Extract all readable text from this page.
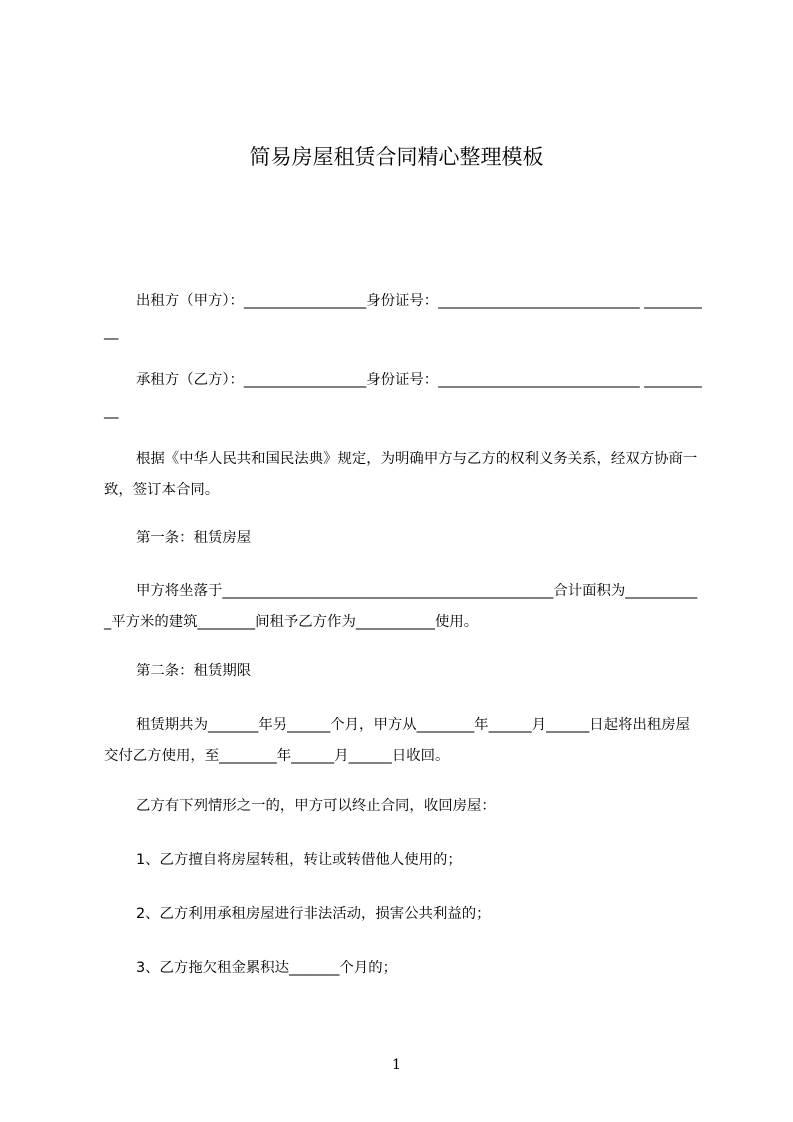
简易房屋租赁合同精心整理模板
出租方（甲方）：_________________身份证号：____________________________ __________
承租方（乙方）：_________________身份证号：____________________________ __________
根据《中华人民共和国民法典》规定，为明确甲方与乙方的权利义务关系，经双方协商一致，签订本合同。
第一条：租赁房屋
甲方将坐落于______________________________________________合计面积为___________平方米的建筑________间租予乙方作为___________使用。
第二条：租赁期限
租赁期共为_______年另______个月，甲方从________年______月______日起将出租房屋交付乙方使用，至________年______月______日收回。
乙方有下列情形之一的，甲方可以终止合同，收回房屋：
1、乙方擅自将房屋转租，转让或转借他人使用的；
2、乙方利用承租房屋进行非法活动，损害公共利益的；
3、乙方拖欠租金累积达_______个月的；
1
